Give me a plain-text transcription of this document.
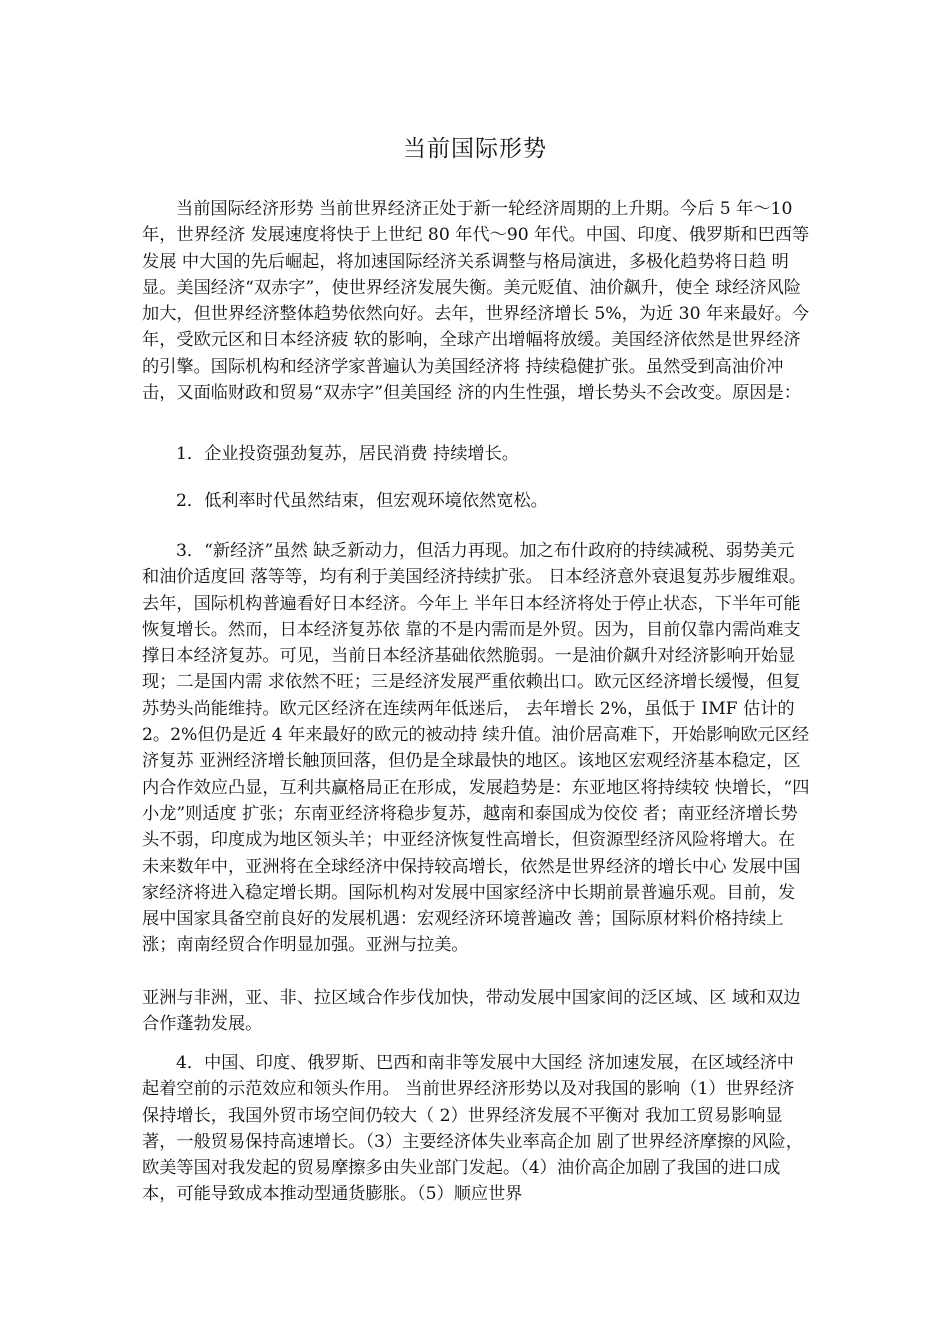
当前国际形势

当前国际经济形势 当前世界经济正处于新一轮经济周期的上升期。今后 5 年～10 年，世界经济 发展速度将快于上世纪 80 年代～90 年代。中国、印度、俄罗斯和巴西等发展 中大国的先后崛起，将加速国际经济关系调整与格局演进，多极化趋势将日趋 明显。美国经济“双赤字”，使世界经济发展失衡。美元贬值、油价飙升，使全 球经济风险加大，但世界经济整体趋势依然向好。去年，世界经济增长 5%，为近 30 年来最好。今年，受欧元区和日本经济疲 软的影响，全球产出增幅将放缓。美国经济依然是世界经济的引擎。国际机构和经济学家普遍认为美国经济将 持续稳健扩张。虽然受到高油价冲击，又面临财政和贸易“双赤字”但美国经 济的内生性强，增长势头不会改变。原因是：

1．企业投资强劲复苏，居民消费 持续增长。

2．低利率时代虽然结束，但宏观环境依然宽松。

3．“新经济”虽然 缺乏新动力，但活力再现。加之布什政府的持续减税、弱势美元和油价适度回 落等等，均有利于美国经济持续扩张。 日本经济意外衰退复苏步履维艰。去年，国际机构普遍看好日本经济。今年上 半年日本经济将处于停止状态，下半年可能恢复增长。然而，日本经济复苏依 靠的不是内需而是外贸。因为，目前仅靠内需尚难支撑日本经济复苏。可见，当前日本经济基础依然脆弱。一是油价飙升对经济影响开始显现；二是国内需 求依然不旺；三是经济发展严重依赖出口。欧元区经济增长缓慢，但复苏势头尚能维持。欧元区经济在连续两年低迷后， 去年增长 2%，虽低于 IMF 估计的 2。2%但仍是近 4 年来最好的欧元的被动持 续升值。油价居高难下，开始影响欧元区经济复苏 亚洲经济增长触顶回落，但仍是全球最快的地区。该地区宏观经济基本稳定，区内合作效应凸显，互利共赢格局正在形成，发展趋势是：东亚地区将持续较 快增长，“四小龙”则适度 扩张；东南亚经济将稳步复苏，越南和泰国成为佼佼 者；南亚经济增长势头不弱，印度成为地区领头羊；中亚经济恢复性高增长，但资源型经济风险将增大。在未来数年中，亚洲将在全球经济中保持较高增长，依然是世界经济的增长中心 发展中国家经济将进入稳定增长期。国际机构对发展中国家经济中长期前景普遍乐观。目前，发展中国家具备空前良好的发展机遇：宏观经济环境普遍改 善；国际原材料价格持续上涨；南南经贸合作明显加强。亚洲与拉美。

亚洲与非洲，亚、非、拉区域合作步伐加快，带动发展中国家间的泛区域、区 域和双边合作蓬勃发展。

4．中国、印度、俄罗斯、巴西和南非等发展中大国经 济加速发展，在区域经济中起着空前的示范效应和领头作用。 当前世界经济形势以及对我国的影响（1）世界经济保持增长，我国外贸市场空间仍较大（ 2）世界经济发展不平衡对 我加工贸易影响显著，一般贸易保持高速增长。（3）主要经济体失业率高企加 剧了世界经济摩擦的风险，欧美等国对我发起的贸易摩擦多由失业部门发起。（4）油价高企加剧了我国的进口成本，可能导致成本推动型通货膨胀。（5）顺应世界
